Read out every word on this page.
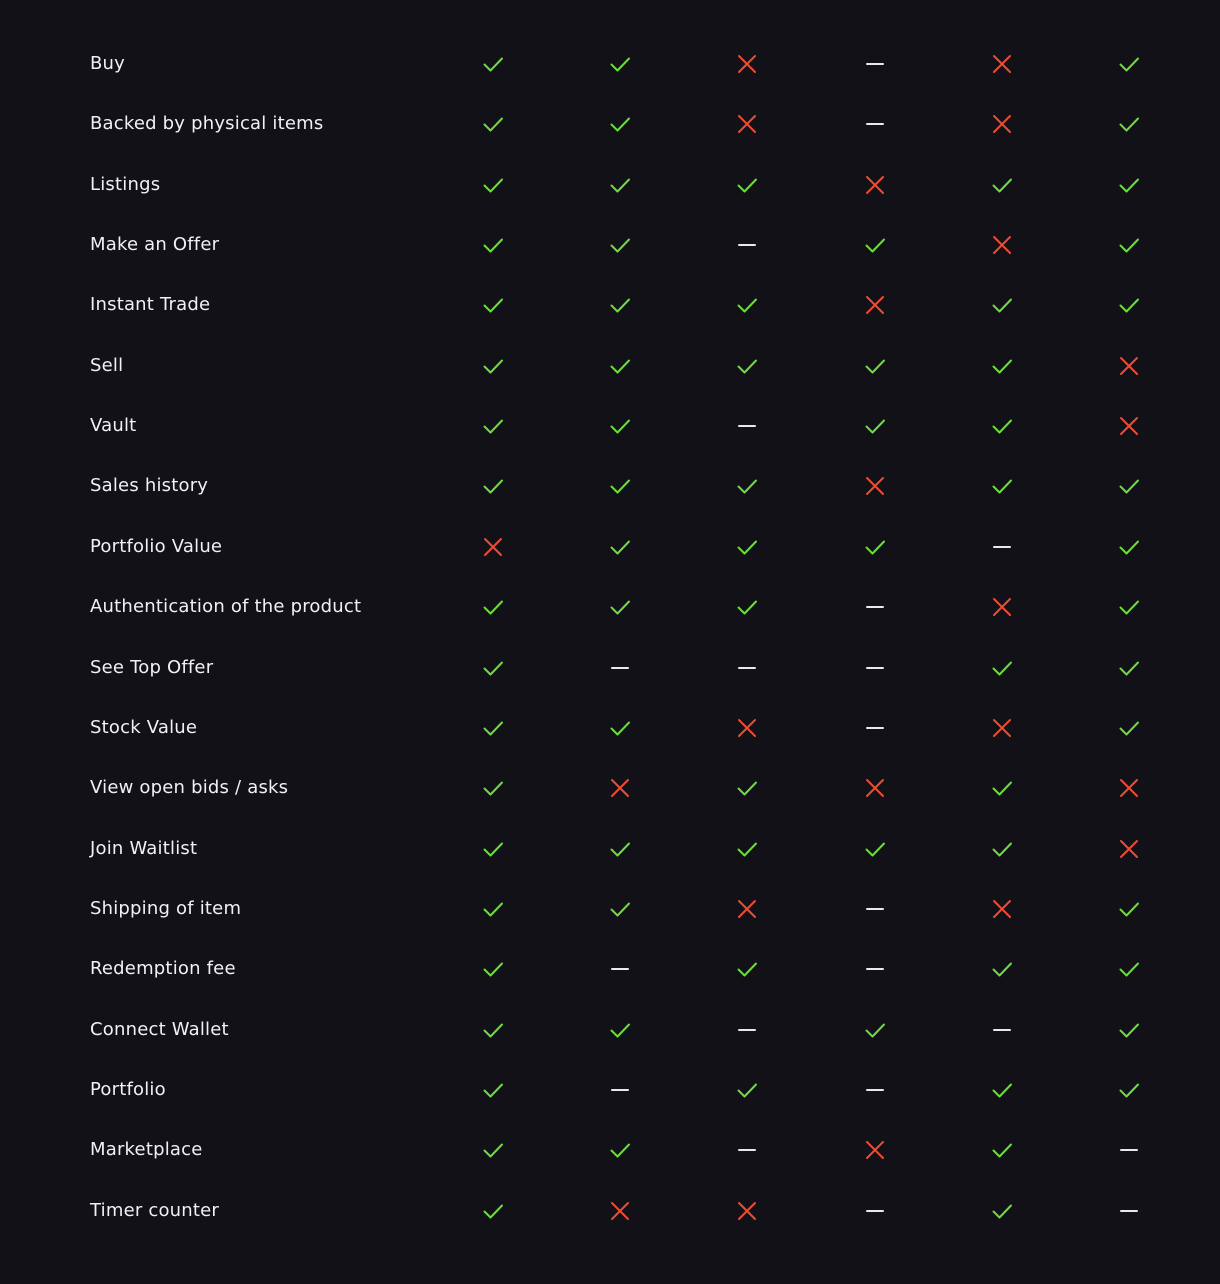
Buy
Backed by physical items
Listings
Make an Offer
Instant Trade
Sell
Vault
Sales history
Portfolio Value
Authentication of the product
See Top Offer
Stock Value
View open bids / asks
Join Waitlist
Shipping of item
Redemption fee
Connect Wallet
Portfolio
Marketplace
Timer counter
